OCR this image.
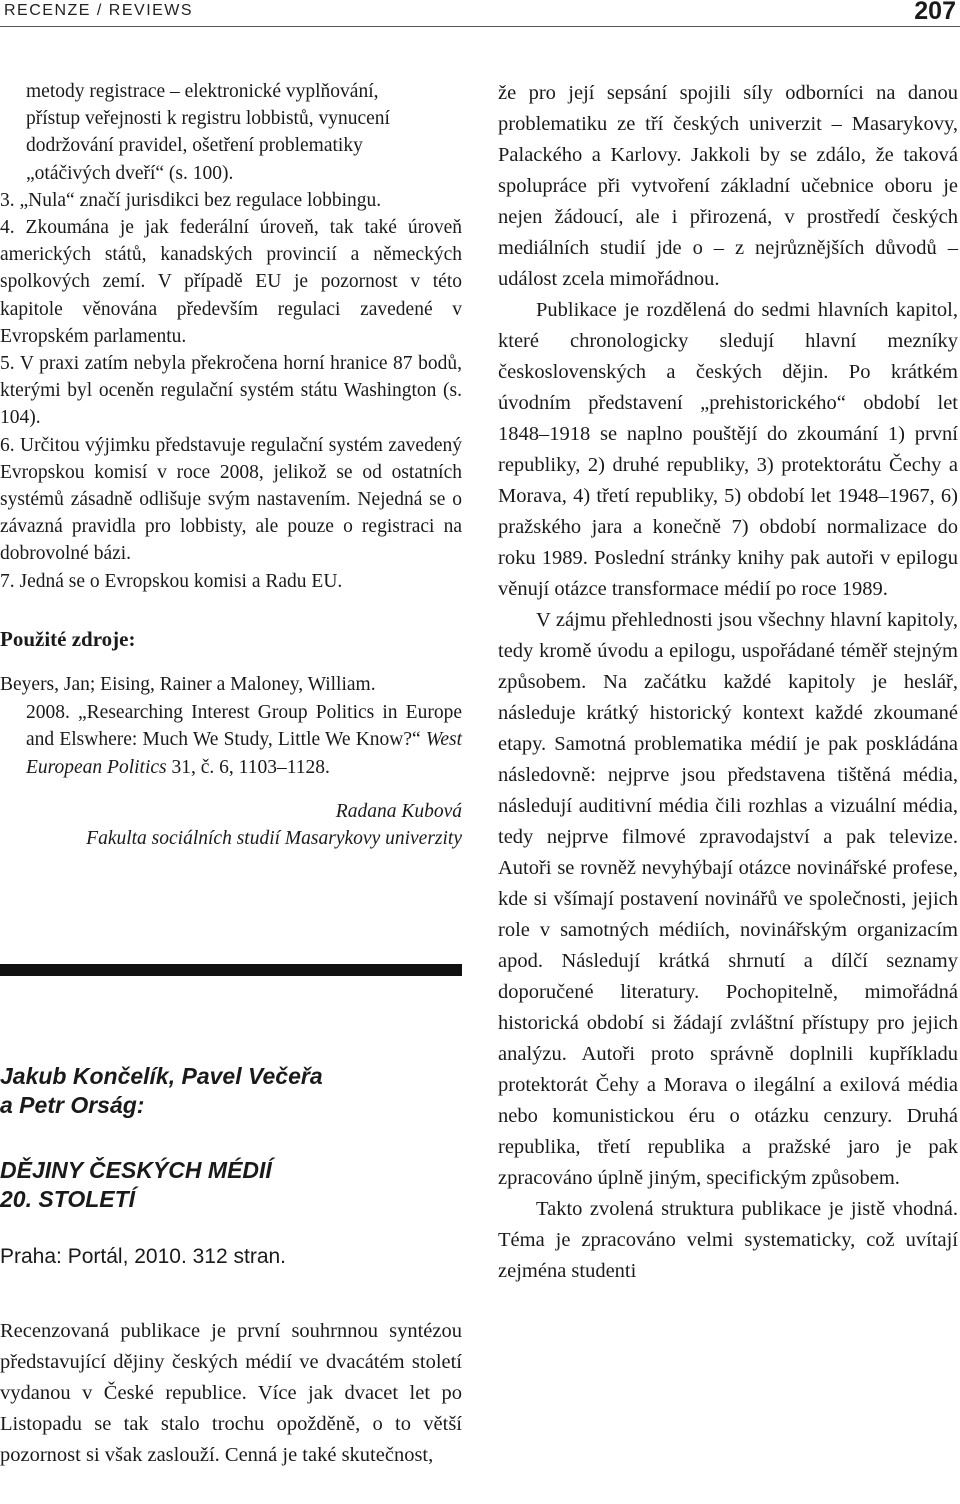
RECENZE / REVIEWS	207
metody registrace – elektronické vyplňování,
přístup veřejnosti k registru lobbistů, vynucení
dodržování pravidel, ošetření problematiky
„otáčivých dveří“ (s. 100).

3. „Nula“ značí jurisdikci bez regulace lobbingu.

4. Zkoumána je jak federální úroveň, tak také úroveň amerických států, kanadských provincií a německých spolkových zemí. V případě EU je pozornost v této kapitole věnována především regulaci zavedené v Evropském parlamentu.

5. V praxi zatím nebyla překročena horní hranice 87 bodů, kterými byl oceněn regulační systém státu Washington (s. 104).

6. Určitou výjimku představuje regulační systém zavedený Evropskou komisí v roce 2008, jelikož se od ostatních systémů zásadně odlišuje svým nastavením. Nejedná se o závazná pravidla pro lobbisty, ale pouze o registraci na dobrovolné bázi.

7. Jedná se o Evropskou komisi a Radu EU.

Použité zdroje:
Beyers, Jan; Eising, Rainer a Maloney, William.
2008. „Researching Interest Group Politics in Europe and Elswhere: Much We Study, Little We Know?“ West European Politics 31, č. 6, 1103–1128.
Radana Kubová
Fakulta sociálních studií Masarykovy univerzity
Jakub Končelík, Pavel Večeřa
a Petr Orság:
DĚJINY ČESKÝCH MÉDIÍ
20. STOLETÍ
Praha: Portál, 2010. 312 stran.
Recenzovaná publikace je první souhrnnou syntézou představující dějiny českých médií ve dvacátém století vydanou v České republice. Více jak dvacet let po Listopadu se tak stalo trochu opožděně, o to větší pozornost si však zaslouží. Cenná je také skutečnost,

že pro její sepsání spojili síly odborníci na danou problematiku ze tří českých univerzit – Masarykovy, Palackého a Karlovy. Jakkoli by se zdálo, že taková spolupráce při vytvoření základní učebnice oboru je nejen žádoucí, ale i přirozená, v prostředí českých mediálních studií jde o – z nejrůznějších důvodů – událost zcela mimořádnou.

Publikace je rozdělená do sedmi hlavních kapitol, které chronologicky sledují hlavní mezníky československých a českých dějin. Po krátkém úvodním představení „prehistorického“ období let 1848–1918 se naplno pouštějí do zkoumání 1) první republiky, 2) druhé republiky, 3) protektorátu Čechy a Morava, 4) třetí republiky, 5) období let 1948–1967, 6) pražského jara a konečně 7) období normalizace do roku 1989. Poslední stránky knihy pak autoři v epilogu věnují otázce transformace médií po roce 1989.

V zájmu přehlednosti jsou všechny hlavní kapitoly, tedy kromě úvodu a epilogu, uspořádané téměř stejným způsobem. Na začátku každé kapitoly je heslář, následuje krátký historický kontext každé zkoumané etapy. Samotná problematika médií je pak poskládána následovně: nejprve jsou představena tištěná média, následují auditivní média čili rozhlas a vizuální média, tedy nejprve filmové zpravodajství a pak televize. Autoři se rovněž nevyhýbají otázce novinářské profese, kde si všímají postavení novinářů ve společnosti, jejich role v samotných médiích, novinářským organizacím apod. Následují krátká shrnutí a dílčí seznamy doporučené literatury. Pochopitelně, mimořádná historická období si žádají zvláštní přístupy pro jejich analýzu. Autoři proto správně doplnili kupříkladu protektorát Čehy a Morava o ilegální a exilová média nebo komunistickou éru o otázku cenzury. Druhá republika, třetí republika a pražské jaro je pak zpracováno úplně jiným, specifickým způsobem.

Takto zvolená struktura publikace je jistě vhodná. Téma je zpracováno velmi systematicky, což uvítají zejména studenti
